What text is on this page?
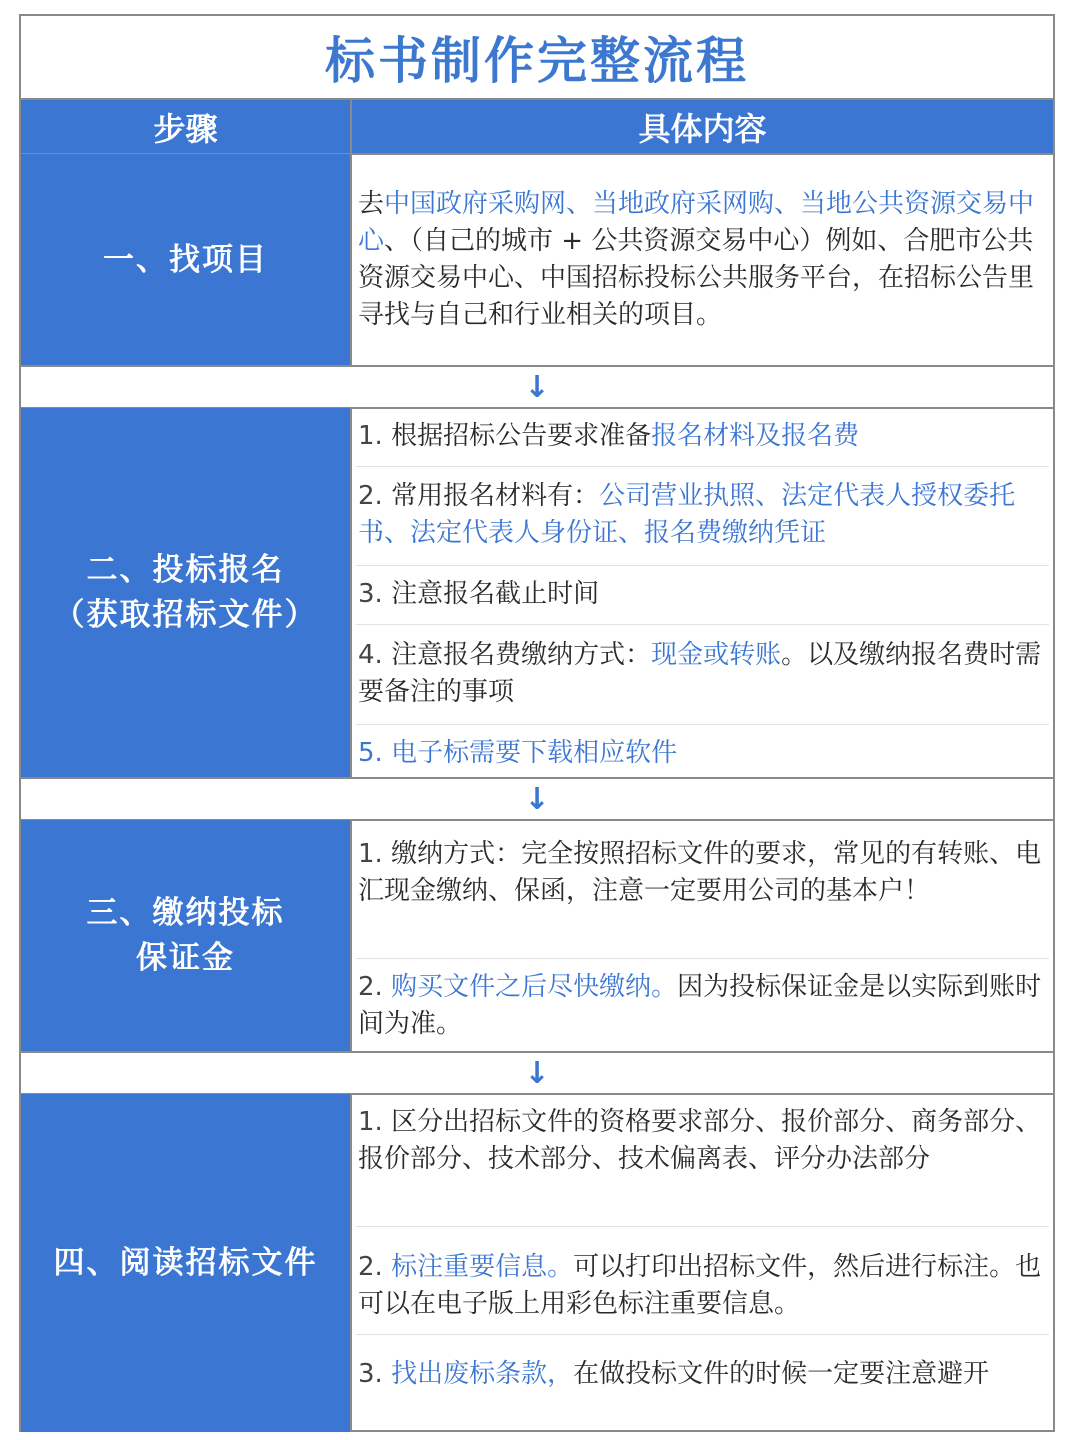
标书制作完整流程
步骤	具体内容
一、找项目
去中国政府采购网、当地政府采网购、当地公共资源交易中心、（自己的城市 + 公共资源交易中心）例如、合肥市公共资源交易中心、中国招标投标公共服务平台，在招标公告里寻找与自己和行业相关的项目。
↓
二、投标报名
（获取招标文件）
1. 根据招标公告要求准备报名材料及报名费
2. 常用报名材料有：公司营业执照、法定代表人授权委托书、法定代表人身份证、报名费缴纳凭证
3. 注意报名截止时间
4. 注意报名费缴纳方式：现金或转账。以及缴纳报名费时需要备注的事项
5. 电子标需要下载相应软件
↓
三、缴纳投标
保证金
1. 缴纳方式：完全按照招标文件的要求，常见的有转账、电汇现金缴纳、保函，注意一定要用公司的基本户！
2. 购买文件之后尽快缴纳。因为投标保证金是以实际到账时间为准。
↓
四、阅读招标文件
1. 区分出招标文件的资格要求部分、报价部分、商务部分、报价部分、技术部分、技术偏离表、评分办法部分
2. 标注重要信息。可以打印出招标文件，然后进行标注。也可以在电子版上用彩色标注重要信息。
3. 找出废标条款，在做投标文件的时候一定要注意避开
